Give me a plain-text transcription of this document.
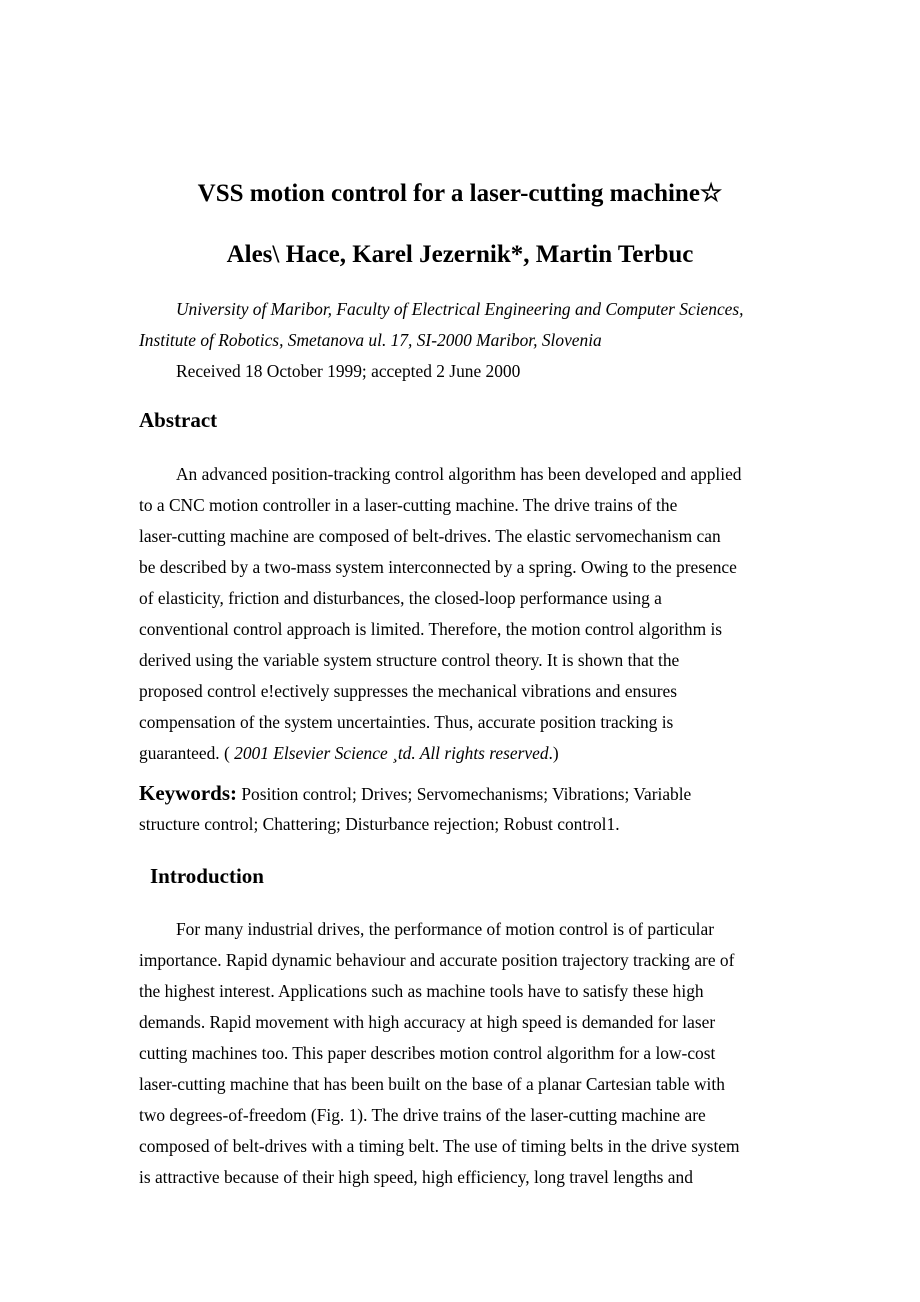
VSS motion control for a laser-cutting machine☆
Ales\ Hace, Karel Jezernik*, Martin Terbuc

University of Maribor, Faculty of Electrical Engineering and Computer Sciences,
Institute of Robotics, Smetanova ul. 17, SI-2000 Maribor, Slovenia

Received 18 October 1999; accepted 2 June 2000

Abstract
An advanced position-tracking control algorithm has been developed and applied
to a CNC motion controller in a laser-cutting machine. The drive trains of the
laser-cutting machine are composed of belt-drives. The elastic servomechanism can
be described by a two-mass system interconnected by a spring. Owing to the presence
of elasticity, friction and disturbances, the closed-loop performance using a
conventional control approach is limited. Therefore, the motion control algorithm is
derived using the variable system structure control theory. It is shown that the
proposed control e!ectively suppresses the mechanical vibrations and ensures
compensation of the system uncertainties. Thus, accurate position tracking is
guaranteed. ( 2001 Elsevier Science ¸td. All rights reserved.)
Keywords: Position control; Drives; Servomechanisms; Vibrations; Variable
structure control; Chattering; Disturbance rejection; Robust control1.
Introduction
For many industrial drives, the performance of motion control is of particular
importance. Rapid dynamic behaviour and accurate position trajectory tracking are of
the highest interest. Applications such as machine tools have to satisfy these high
demands. Rapid movement with high accuracy at high speed is demanded for laser
cutting machines too. This paper describes motion control algorithm for a low-cost
laser-cutting machine that has been built on the base of a planar Cartesian table with
two degrees-of-freedom (Fig. 1). The drive trains of the laser-cutting machine are
composed of belt-drives with a timing belt. The use of timing belts in the drive system
is attractive because of their high speed, high efficiency, long travel lengths and
